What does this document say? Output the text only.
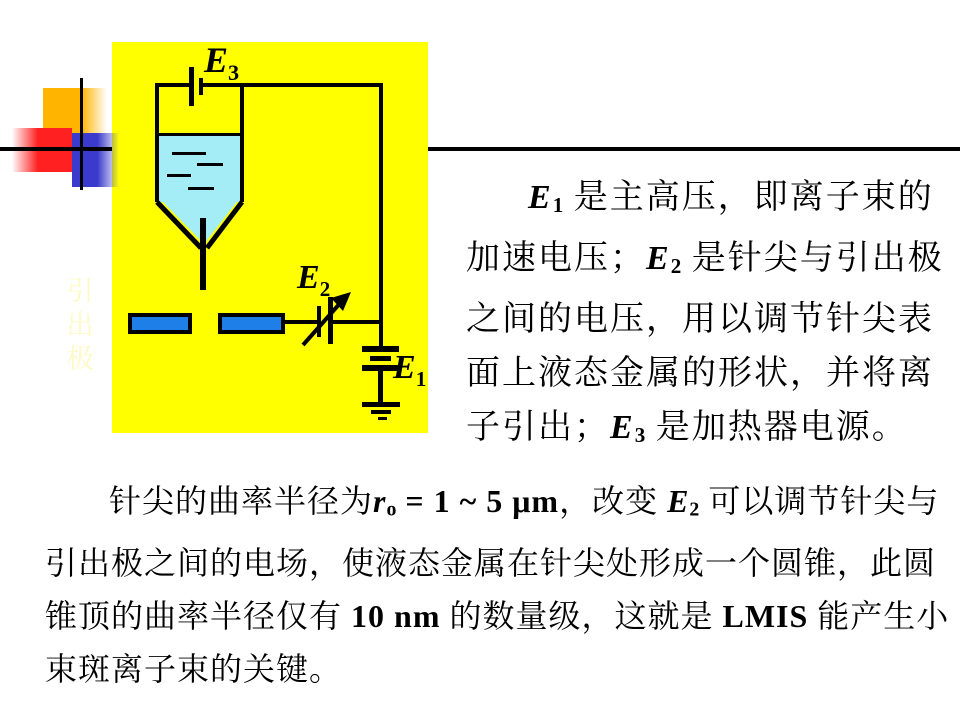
$E_3$
$E_2$
$E_1$
引出极
E1 是主高压，即离子束的
加速电压；E2 是针尖与引出极
之间的电压，用以调节针尖表
面上液态金属的形状，并将离
子引出；E3 是加热器电源。
针尖的曲率半径为ro = 1 ~ 5 μm，改变 E2 可以调节针尖与
引出极之间的电场，使液态金属在针尖处形成一个圆锥，此圆
锥顶的曲率半径仅有 10 nm 的数量级，这就是 LMIS 能产生小
束斑离子束的关键。
